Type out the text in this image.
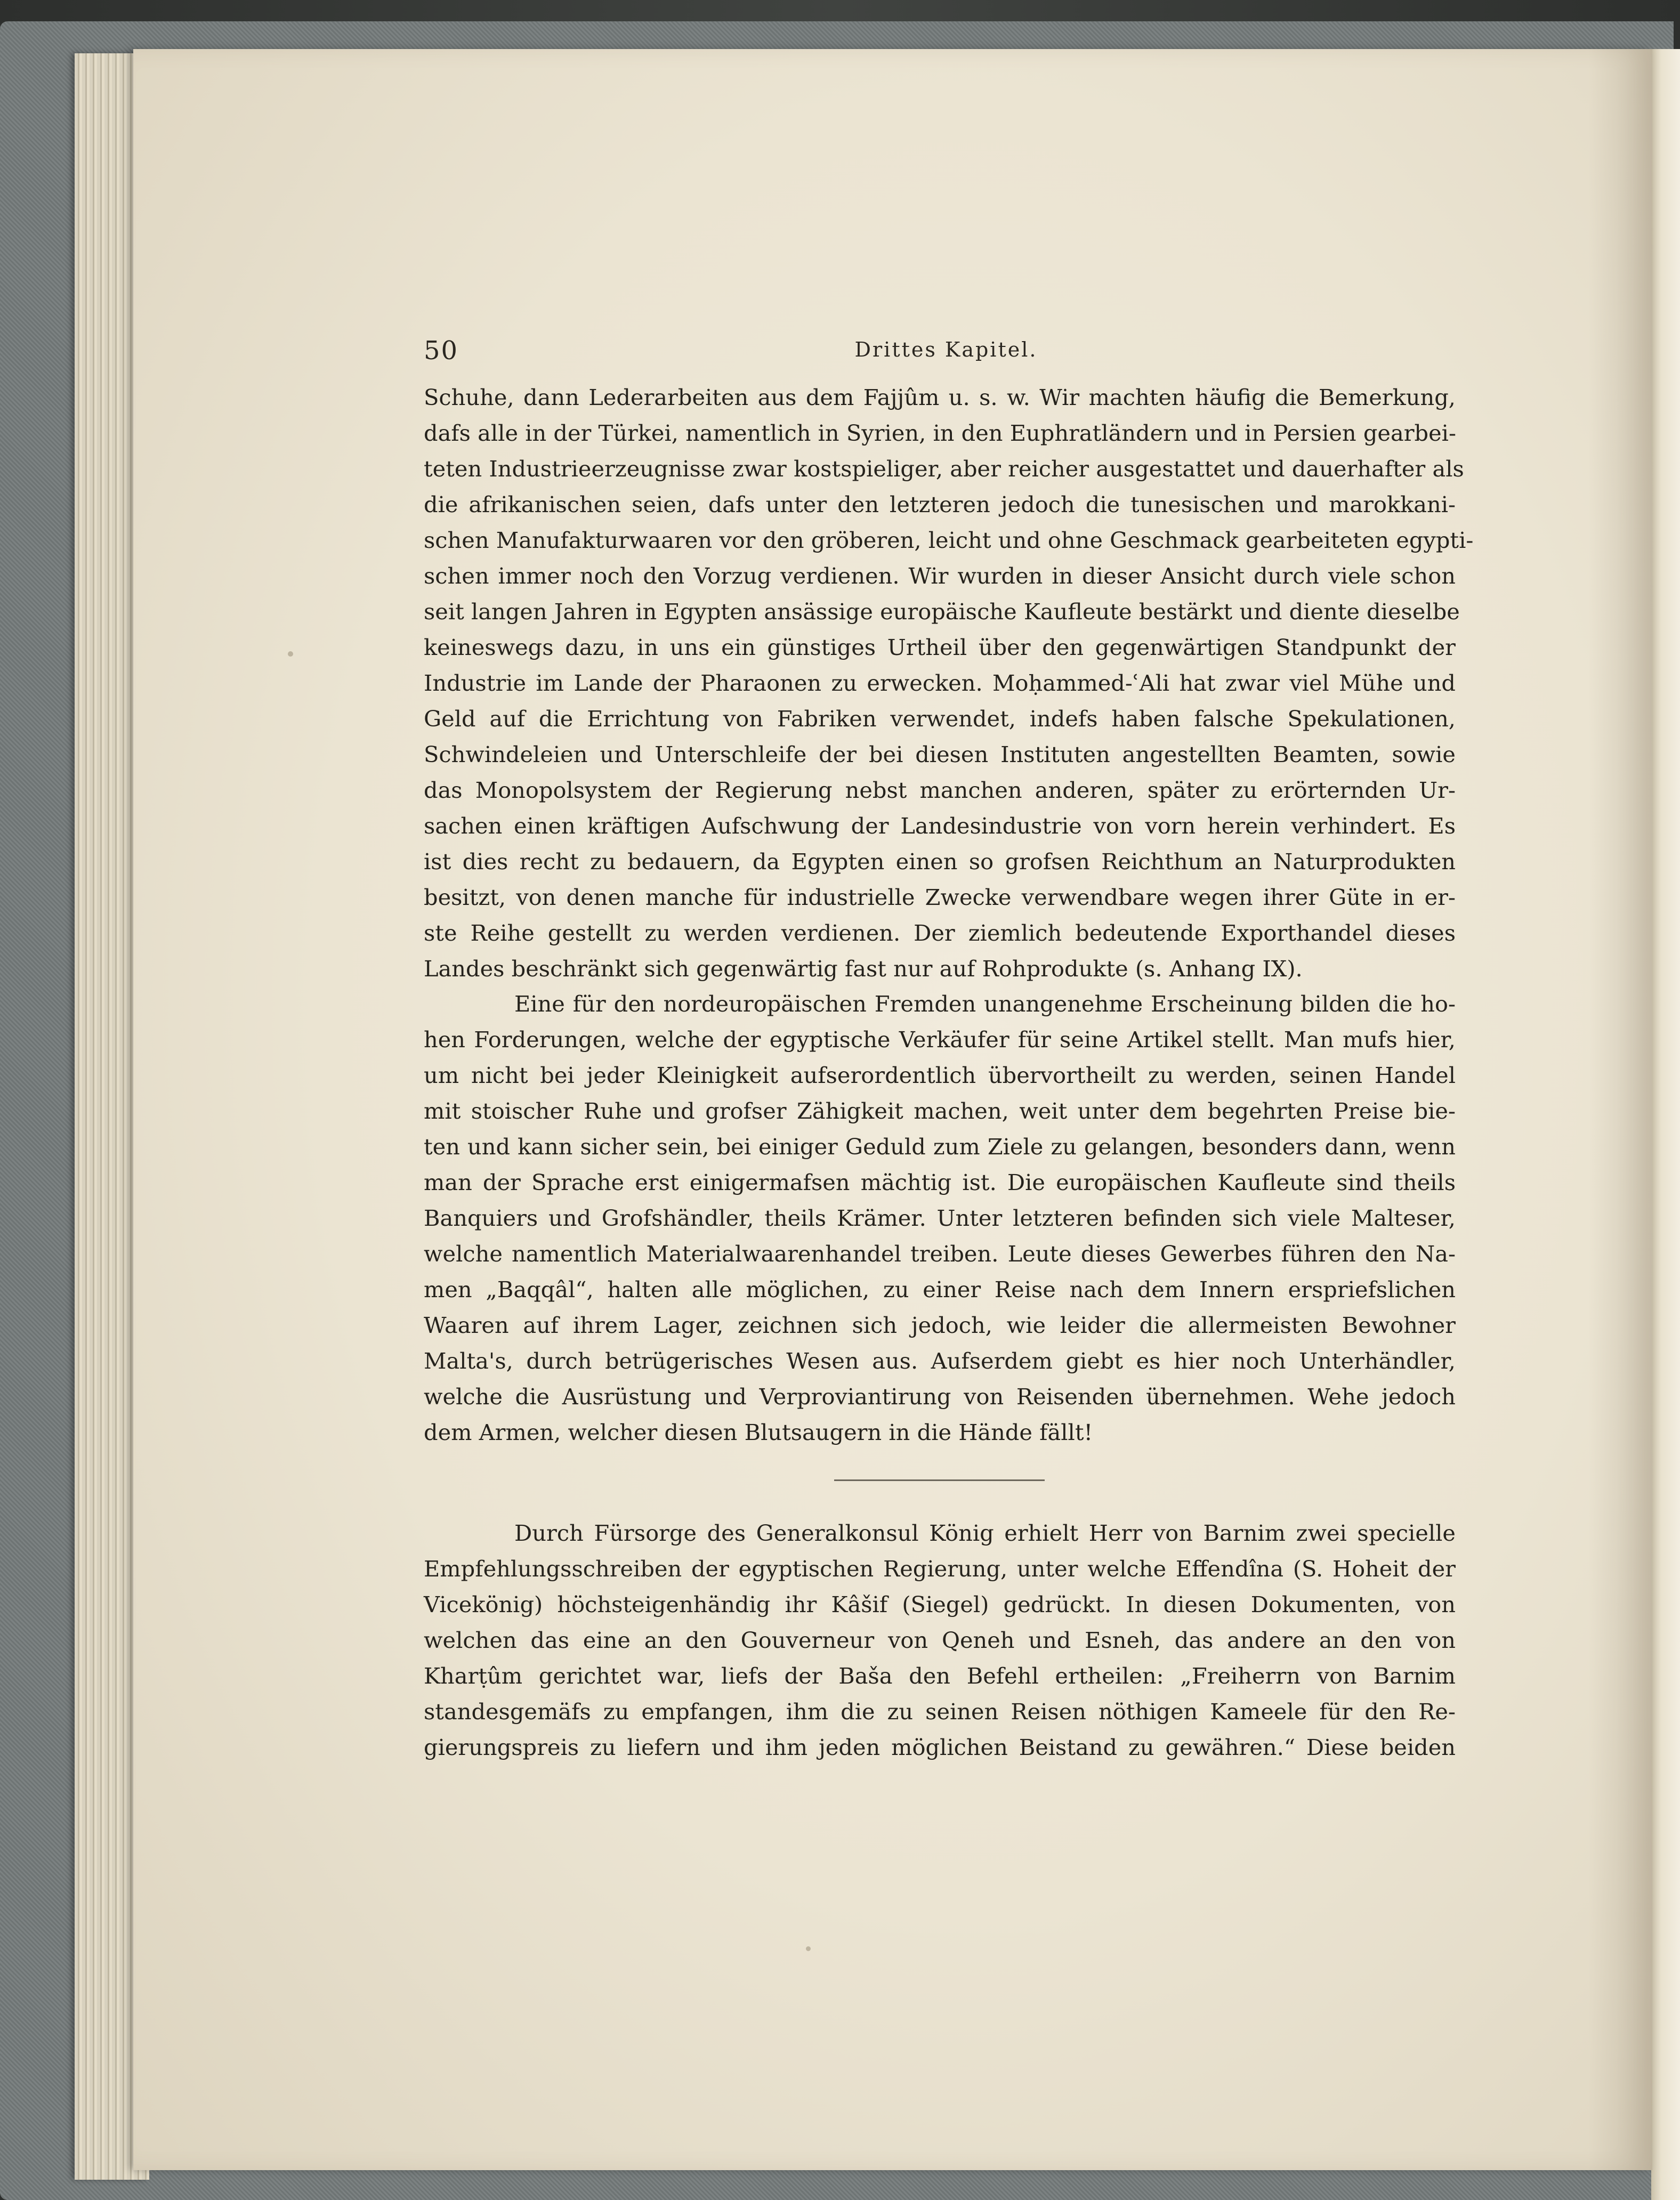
50	Drittes Kapitel.
Schuhe, dann Lederarbeiten aus dem Fajjûm u. s. w. Wir machten häufig die Bemerkung,
dafs alle in der Türkei, namentlich in Syrien, in den Euphratländern und in Persien gearbei-
teten Industrieerzeugnisse zwar kostspieliger, aber reicher ausgestattet und dauerhafter als
die afrikanischen seien, dafs unter den letzteren jedoch die tunesischen und marokkani-
schen Manufakturwaaren vor den gröberen, leicht und ohne Geschmack gearbeiteten egypti-
schen immer noch den Vorzug verdienen. Wir wurden in dieser Ansicht durch viele schon
seit langen Jahren in Egypten ansässige europäische Kaufleute bestärkt und diente dieselbe
keineswegs dazu, in uns ein günstiges Urtheil über den gegenwärtigen Standpunkt der
Industrie im Lande der Pharaonen zu erwecken. Moḥammed-ʿAli hat zwar viel Mühe und
Geld auf die Errichtung von Fabriken verwendet, indefs haben falsche Spekulationen,
Schwindeleien und Unterschleife der bei diesen Instituten angestellten Beamten, sowie
das Monopolsystem der Regierung nebst manchen anderen, später zu erörternden Ur-
sachen einen kräftigen Aufschwung der Landesindustrie von vorn herein verhindert. Es
ist dies recht zu bedauern, da Egypten einen so grofsen Reichthum an Naturprodukten
besitzt, von denen manche für industrielle Zwecke verwendbare wegen ihrer Güte in er-
ste Reihe gestellt zu werden verdienen. Der ziemlich bedeutende Exporthandel dieses
Landes beschränkt sich gegenwärtig fast nur auf Rohprodukte (s. Anhang IX).
Eine für den nordeuropäischen Fremden unangenehme Erscheinung bilden die ho-
hen Forderungen, welche der egyptische Verkäufer für seine Artikel stellt. Man mufs hier,
um nicht bei jeder Kleinigkeit aufserordentlich übervortheilt zu werden, seinen Handel
mit stoischer Ruhe und grofser Zähigkeit machen, weit unter dem begehrten Preise bie-
ten und kann sicher sein, bei einiger Geduld zum Ziele zu gelangen, besonders dann, wenn
man der Sprache erst einigermafsen mächtig ist. Die europäischen Kaufleute sind theils
Banquiers und Grofshändler, theils Krämer. Unter letzteren befinden sich viele Malteser,
welche namentlich Materialwaarenhandel treiben. Leute dieses Gewerbes führen den Na-
men „Baqqâl“, halten alle möglichen, zu einer Reise nach dem Innern erspriefslichen
Waaren auf ihrem Lager, zeichnen sich jedoch, wie leider die allermeisten Bewohner
Malta's, durch betrügerisches Wesen aus. Aufserdem giebt es hier noch Unterhändler,
welche die Ausrüstung und Verproviantirung von Reisenden übernehmen. Wehe jedoch
dem Armen, welcher diesen Blutsaugern in die Hände fällt!
Durch Fürsorge des Generalkonsul König erhielt Herr von Barnim zwei specielle
Empfehlungsschreiben der egyptischen Regierung, unter welche Effendîna (S. Hoheit der
Vicekönig) höchsteigenhändig ihr Kâšif (Siegel) gedrückt. In diesen Dokumenten, von
welchen das eine an den Gouverneur von Qeneh und Esneh, das andere an den von
Kharṭûm gerichtet war, liefs der Baša den Befehl ertheilen: „Freiherrn von Barnim
standesgemäfs zu empfangen, ihm die zu seinen Reisen nöthigen Kameele für den Re-
gierungspreis zu liefern und ihm jeden möglichen Beistand zu gewähren.“ Diese beiden
